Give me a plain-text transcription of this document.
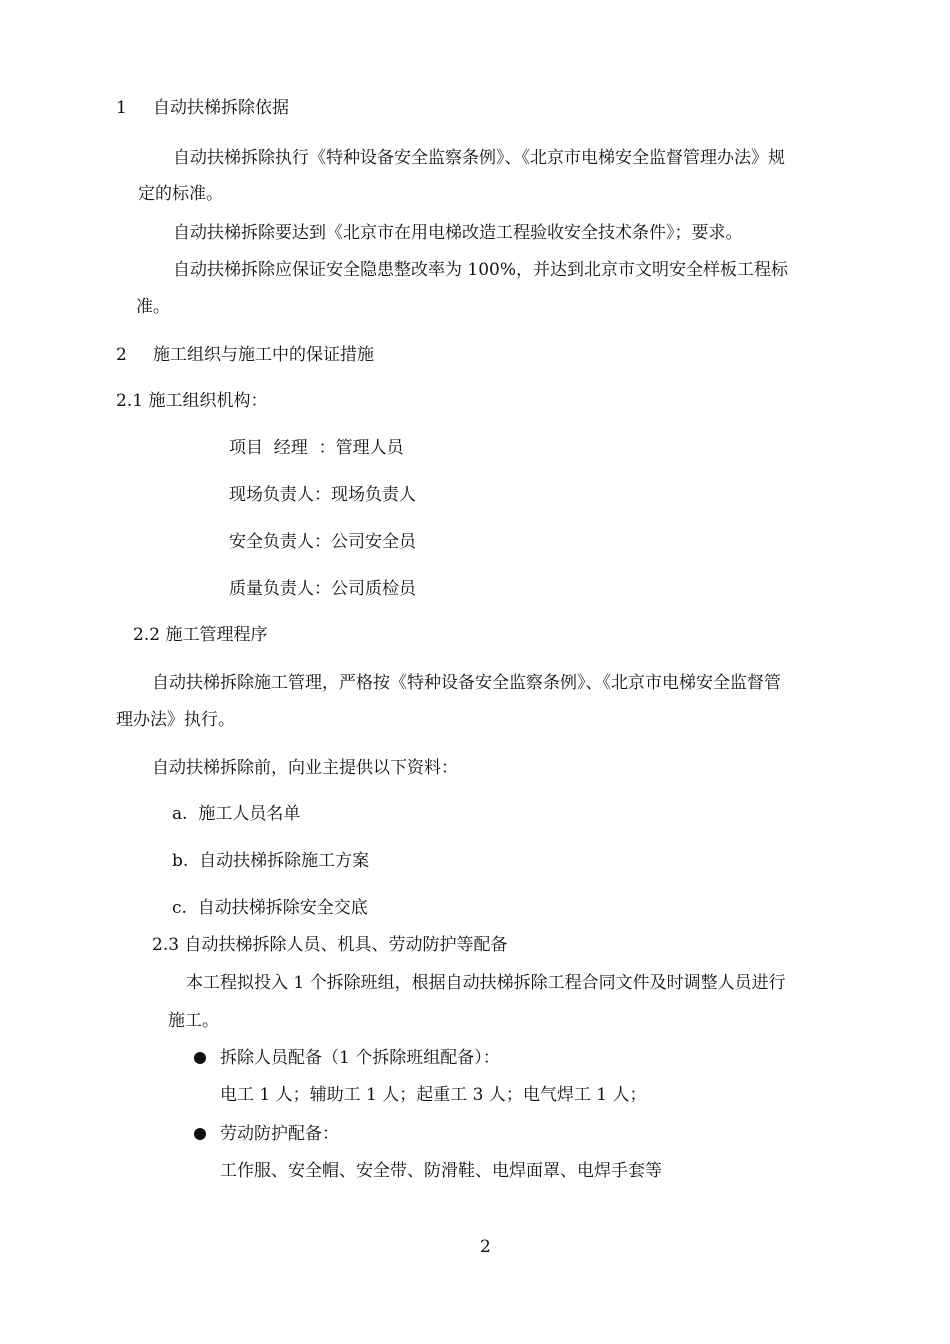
1 自动扶梯拆除依据
自动扶梯拆除执行《特种设备安全监察条例》、《北京市电梯安全监督管理办法》规
定的标准。
自动扶梯拆除要达到《北京市在用电梯改造工程验收安全技术条件》；要求。
自动扶梯拆除应保证安全隐患整改率为 100%，并达到北京市文明安全样板工程标
准。
2 施工组织与施工中的保证措施
2.1 施工组织机构：
项目  经理  ：管理人员
现场负责人：现场负责人
安全负责人：公司安全员
质量负责人：公司质检员
2.2 施工管理程序
自动扶梯拆除施工管理，严格按《特种设备安全监察条例》、《北京市电梯安全监督管
理办法》执行。
自动扶梯拆除前，向业主提供以下资料：
a.  施工人员名单
b.  自动扶梯拆除施工方案
c.  自动扶梯拆除安全交底
2.3 自动扶梯拆除人员、机具、劳动防护等配备
本工程拟投入 1 个拆除班组，根据自动扶梯拆除工程合同文件及时调整人员进行
施工。
拆除人员配备（1 个拆除班组配备）：
电工 1 人；辅助工 1 人；起重工 3 人；电气焊工 1 人；
劳动防护配备：
工作服、安全帽、安全带、防滑鞋、电焊面罩、电焊手套等
2
